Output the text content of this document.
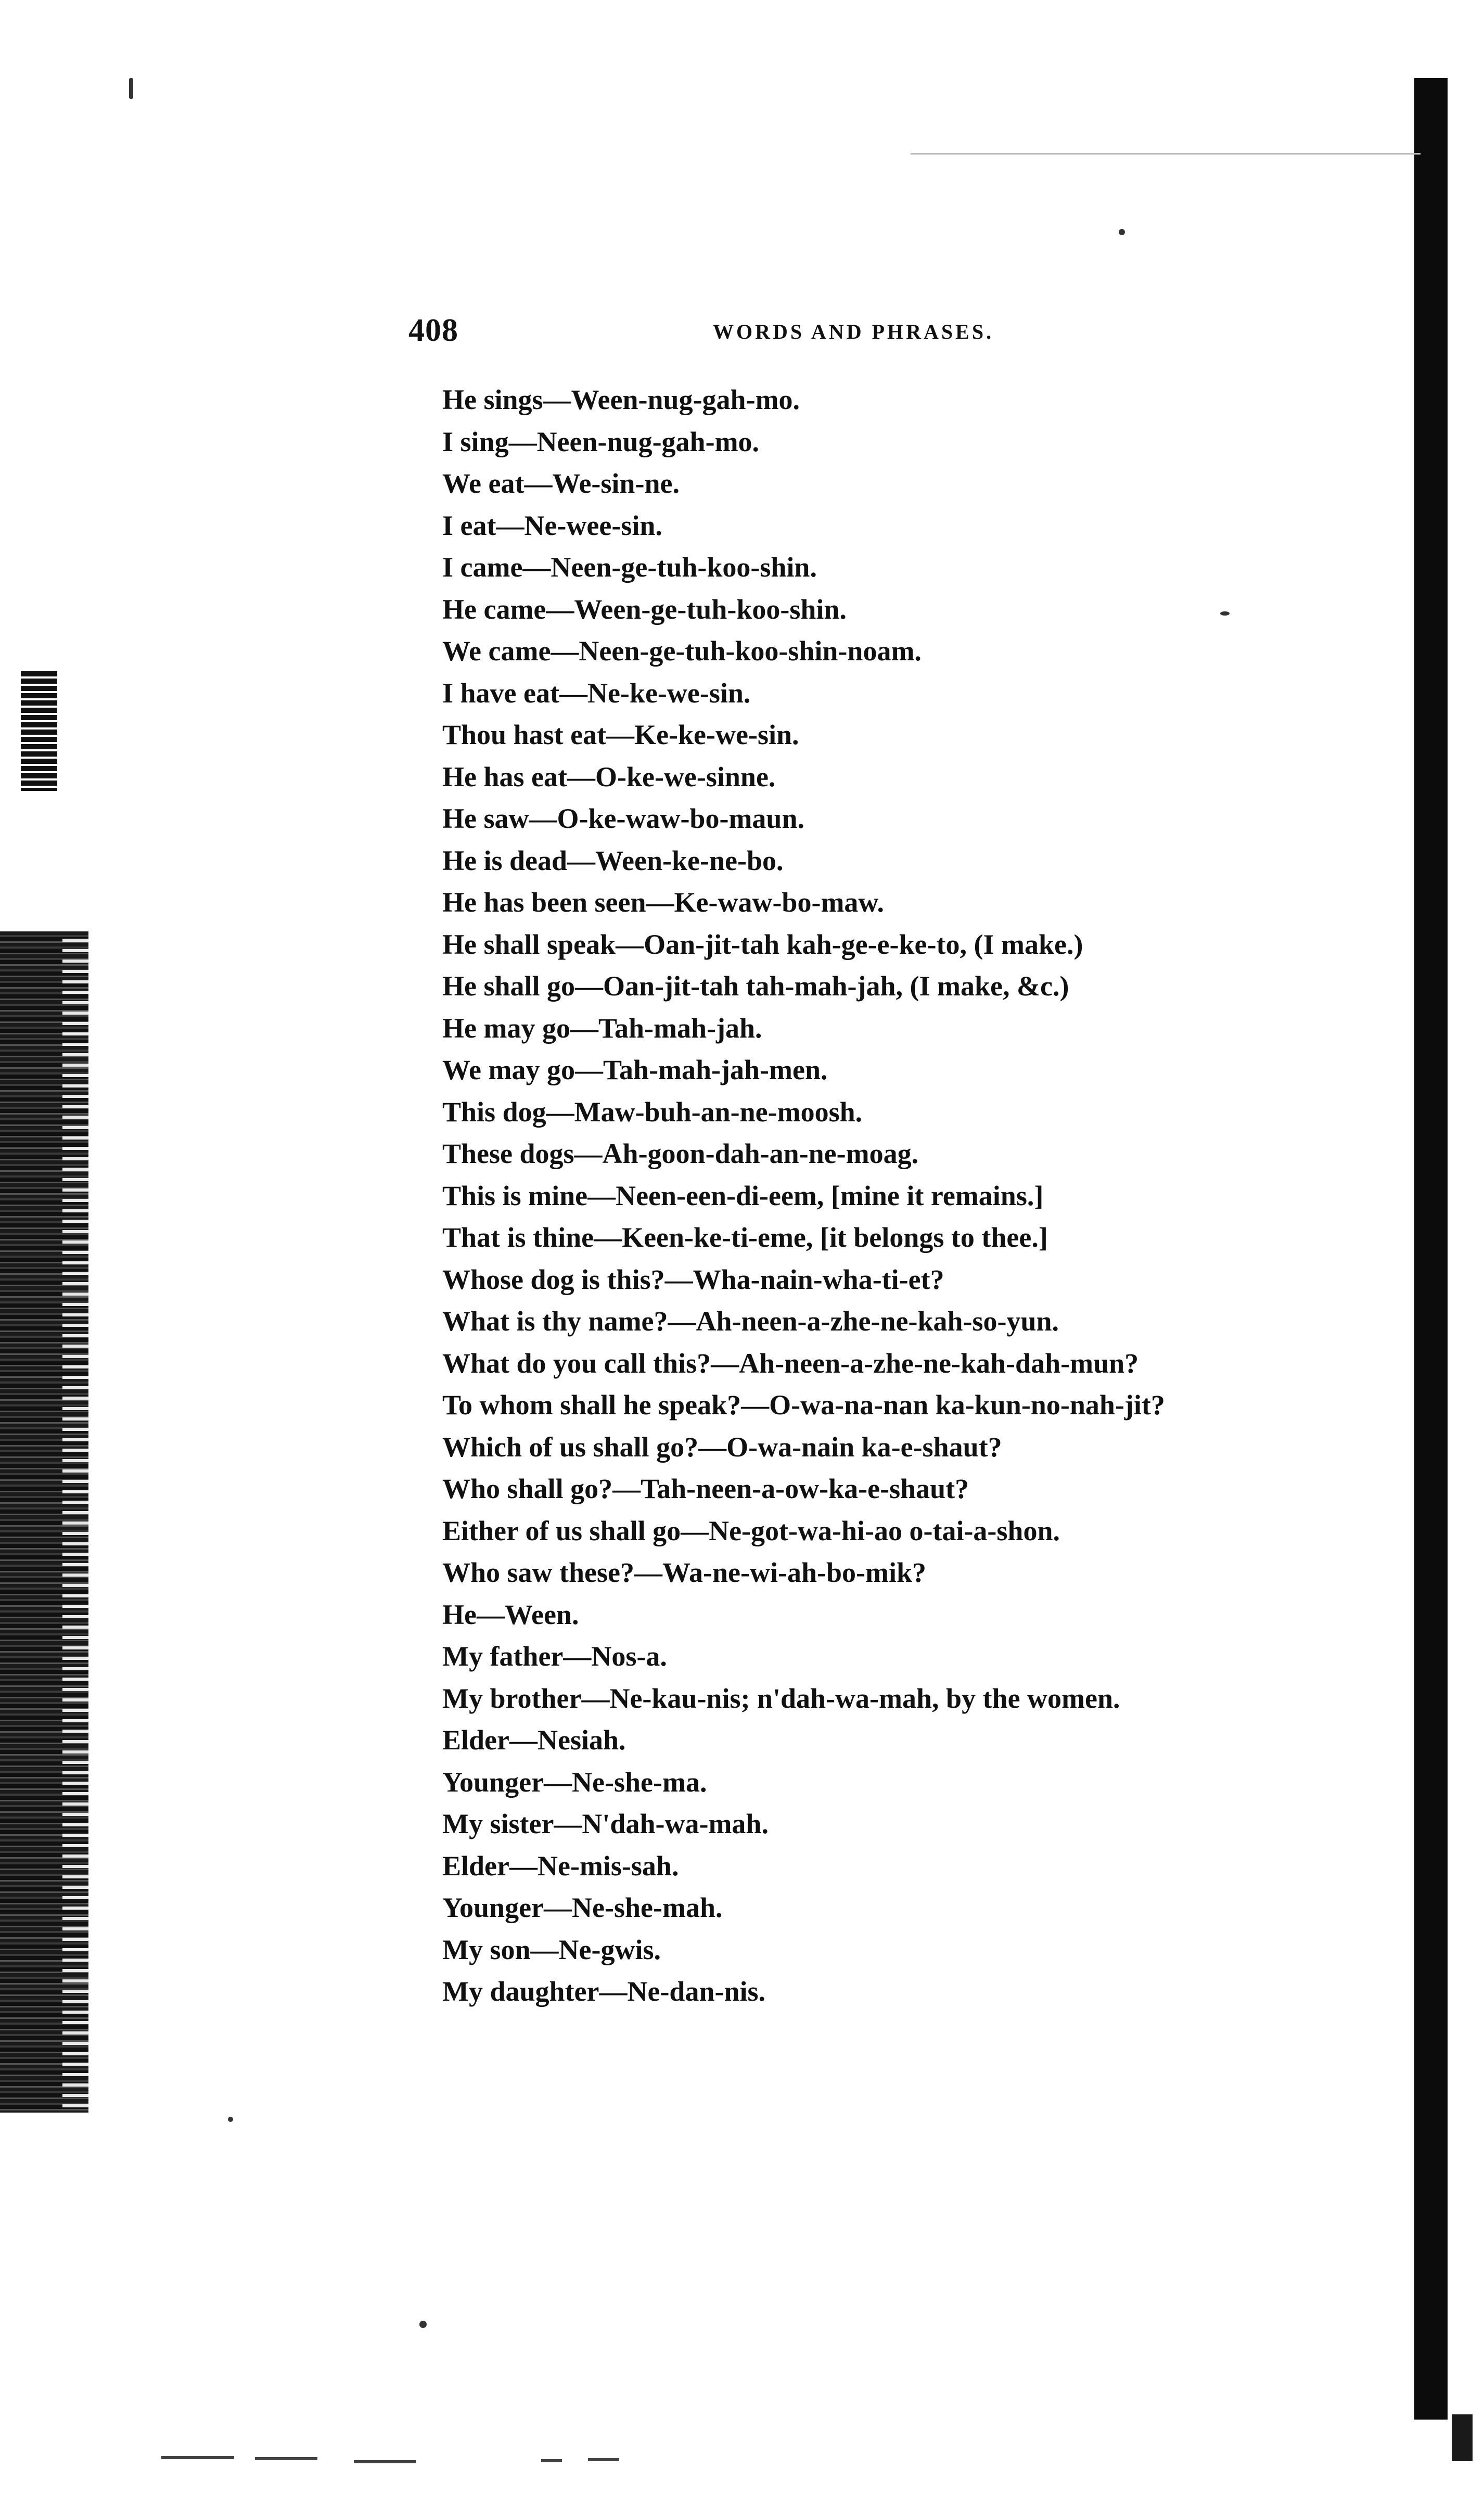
408	WORDS AND PHRASES.
He sings—Ween-nug-gah-mo.
I sing—Neen-nug-gah-mo.
We eat—We-sin-ne.
I eat—Ne-wee-sin.
I came—Neen-ge-tuh-koo-shin.
He came—Ween-ge-tuh-koo-shin.
We came—Neen-ge-tuh-koo-shin-noam.
I have eat—Ne-ke-we-sin.
Thou hast eat—Ke-ke-we-sin.
He has eat—O-ke-we-sinne.
He saw—O-ke-waw-bo-maun.
He is dead—Ween-ke-ne-bo.
He has been seen—Ke-waw-bo-maw.
He shall speak—Oan-jit-tah kah-ge-e-ke-to, (I make.)
He shall go—Oan-jit-tah tah-mah-jah, (I make, &c.)
He may go—Tah-mah-jah.
We may go—Tah-mah-jah-men.
This dog—Maw-buh-an-ne-moosh.
These dogs—Ah-goon-dah-an-ne-moag.
This is mine—Neen-een-di-eem, [mine it remains.]
That is thine—Keen-ke-ti-eme, [it belongs to thee.]
Whose dog is this?—Wha-nain-wha-ti-et?
What is thy name?—Ah-neen-a-zhe-ne-kah-so-yun.
What do you call this?—Ah-neen-a-zhe-ne-kah-dah-mun?
To whom shall he speak?—O-wa-na-nan ka-kun-no-nah-jit?
Which of us shall go?—O-wa-nain ka-e-shaut?
Who shall go?—Tah-neen-a-ow-ka-e-shaut?
Either of us shall go—Ne-got-wa-hi-ao o-tai-a-shon.
Who saw these?—Wa-ne-wi-ah-bo-mik?
He—Ween.
My father—Nos-a.
My brother—Ne-kau-nis; n'dah-wa-mah, by the women.
Elder—Nesiah.
Younger—Ne-she-ma.
My sister—N'dah-wa-mah.
Elder—Ne-mis-sah.
Younger—Ne-she-mah.
My son—Ne-gwis.
My daughter—Ne-dan-nis.
